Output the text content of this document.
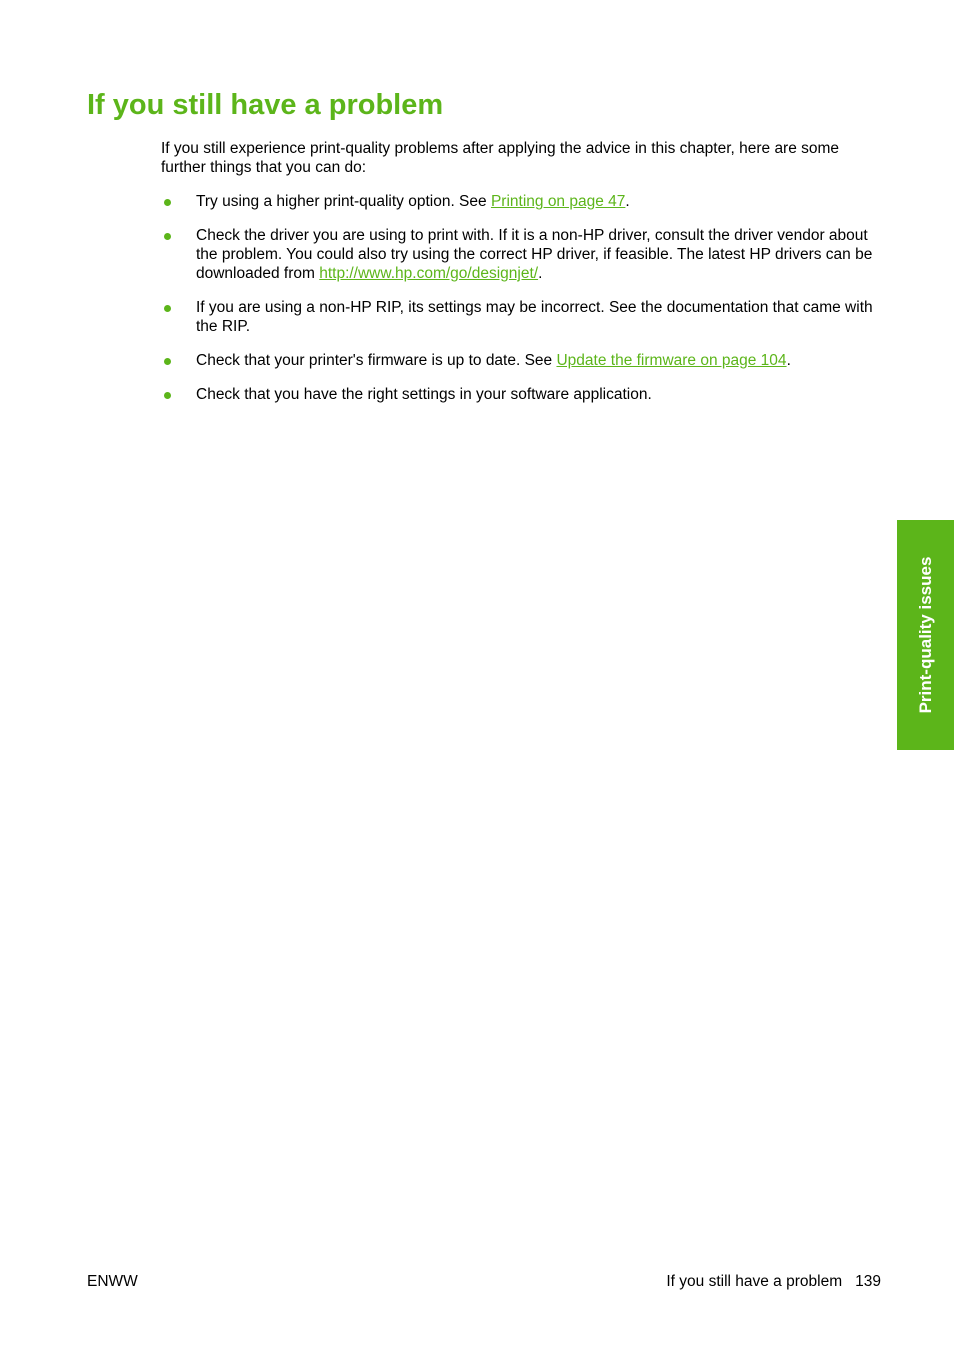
If you still have a problem

If you still experience print-quality problems after applying the advice in this chapter, here are some further things that you can do:

Try using a higher print-quality option. See Printing on page 47.
Check the driver you are using to print with. If it is a non-HP driver, consult the driver vendor about the problem. You could also try using the correct HP driver, if feasible. The latest HP drivers can be downloaded from http://www.hp.com/go/designjet/.
If you are using a non-HP RIP, its settings may be incorrect. See the documentation that came with the RIP.
Check that your printer's firmware is up to date. See Update the firmware on page 104.
Check that you have the right settings in your software application.
Print-quality issues
ENWW	If you still have a problem 139
